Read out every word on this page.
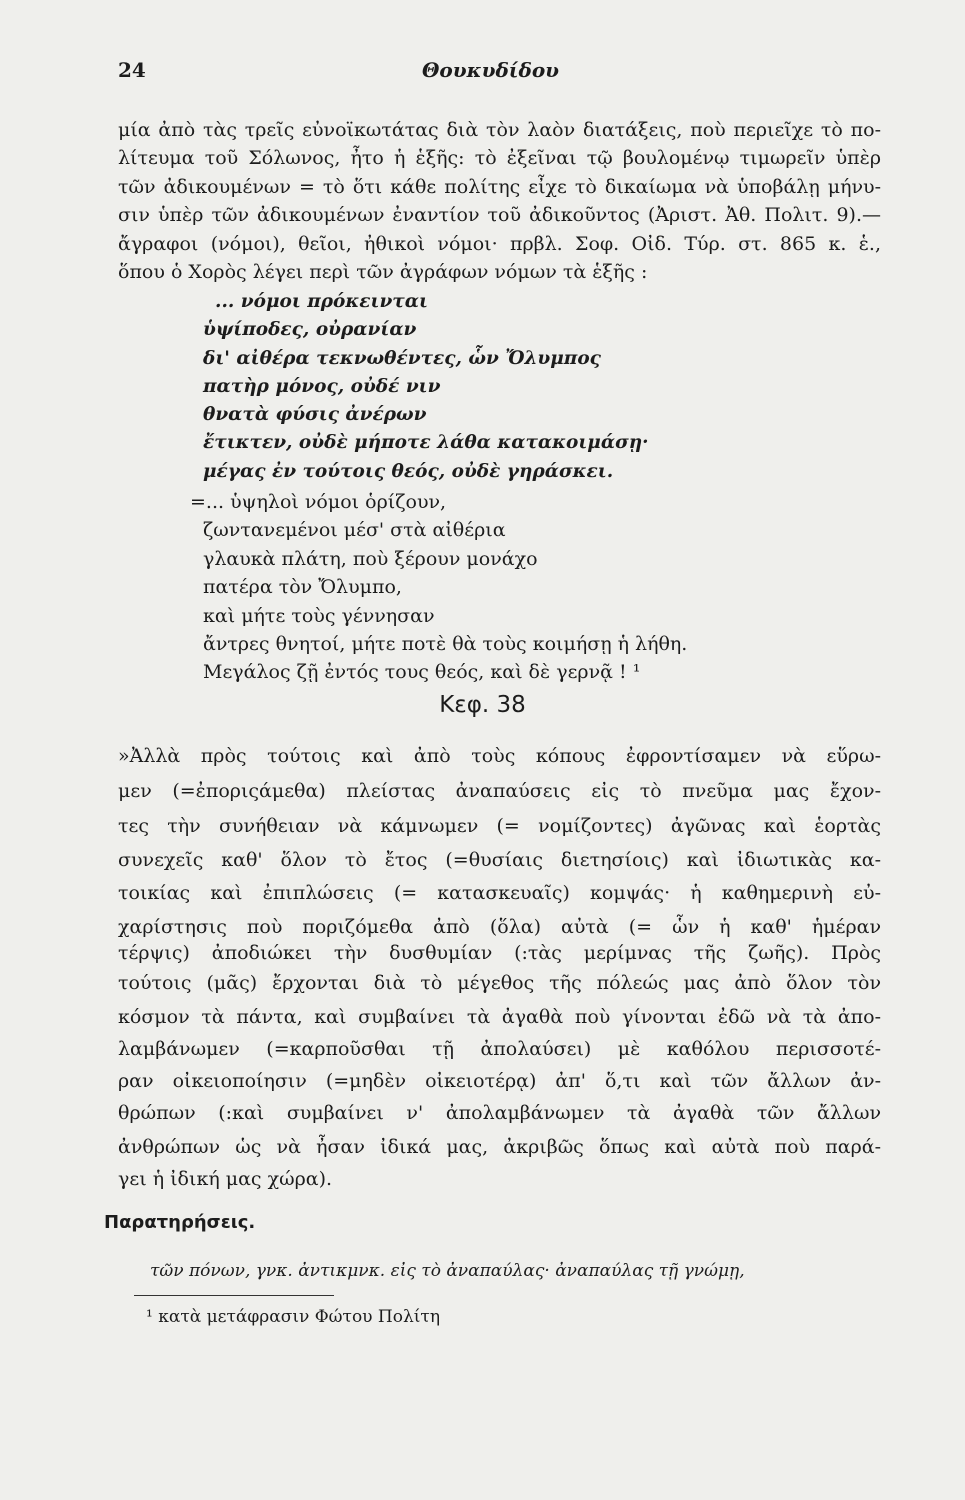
24	Θουκυδίδου
μία ἀπὸ τὰς τρεῖς εὐνοϊκωτάτας διὰ τὸν λαὸν διατάξεις, ποὺ περιεῖχε τὸ πο-
λίτευμα τοῦ Σόλωνος, ἦτο ἡ ἑξῆς: τὸ ἐξεῖναι τῷ βουλομένῳ τιμωρεῖν ὑπὲρ
τῶν ἀδικουμένων = τὸ ὅτι κάθε πολίτης εἶχε τὸ δικαίωμα νὰ ὑποβάλῃ μήνυ-
σιν ὑπὲρ τῶν ἀδικουμένων ἐναντίον τοῦ ἀδικοῦντος (Ἀριστ. Ἀθ. Πολιτ. 9).—
ἄγραφοι (νόμοι), θεῖοι, ἠθικοὶ νόμοι· πρβλ. Σοφ. Οἰδ. Τύρ. στ. 865 κ. ἑ.,
ὅπου ὁ Χορὸς λέγει περὶ τῶν ἀγράφων νόμων τὰ ἑξῆς :
... νόμοι πρόκεινται
ὑψίποδες, οὐρανίαν
δι' αἰθέρα τεκνωθέντες, ὧν Ὄλυμπος
πατὴρ μόνος, οὐδέ νιν
θνατὰ φύσις ἀνέρων
ἔτικτεν, οὐδὲ μήποτε λάθα κατακοιμάσῃ·
μέγας ἐν τούτοις θεός, οὐδὲ γηράσκει.
=... ὑψηλοὶ νόμοι ὁρίζουν,
ζωντανεμένοι μέσ' στὰ αἰθέρια
γλαυκὰ πλάτη, ποὺ ξέρουν μονάχο
πατέρα τὸν Ὄλυμπο,
καὶ μήτε τοὺς γέννησαν
ἄντρες θνητοί, μήτε ποτὲ θὰ τοὺς κοιμήσῃ ἡ λήθη.
Μεγάλος ζῇ ἐντός τους θεός, καὶ δὲ γερνᾷ ! ¹
Κεφ. 38
»Ἀλλὰ πρὸς τούτοις καὶ ἀπὸ τοὺς κόπους ἐφροντίσαμεν νὰ εὕρω-
μεν (=ἐποριςάμεθα) πλείστας ἀναπαύσεις εἰς τὸ πνεῦμα μας ἔχον-
τες τὴν συνήθειαν νὰ κάμνωμεν (= νομίζοντες) ἀγῶνας καὶ ἑορτὰς
συνεχεῖς καθ' ὅλον τὸ ἔτος (=θυσίαις διετησίοις) καὶ ἰδιωτικὰς κα-
τοικίας καὶ ἐπιπλώσεις (= κατασκευαῖς) κομψάς· ἡ καθημερινὴ εὐ-
χαρίστησις ποὺ πoριζόμεθα ἀπὸ (ὅλα) αὐτὰ (= ὧν ἡ καθ' ἡμέραν
τέρψις) ἀποδιώκει τὴν δυσθυμίαν (:τὰς μερίμνας τῆς ζωῆς). Πρὸς
τούτοις (μᾶς) ἔρχονται διὰ τὸ μέγεθος τῆς πόλεώς μας ἀπὸ ὅλον τὸν
κόσμον τὰ πάντα, καὶ συμβαίνει τὰ ἀγαθὰ ποὺ γίνονται ἐδῶ νὰ τὰ ἀπο-
λαμβάνωμεν (=καρποῦσθαι τῇ ἀπολαύσει) μὲ καθόλου περισσοτέ-
ραν οἰκειοποίησιν (=μηδὲν οἰκειοτέρᾳ) ἀπ' ὅ,τι καὶ τῶν ἄλλων ἀν-
θρώπων (:καὶ συμβαίνει ν' ἀπολαμβάνωμεν τὰ ἀγαθὰ τῶν ἄλλων
ἀνθρώπων ὡς νὰ ἦσαν ἰδικά μας, ἀκριβῶς ὅπως καὶ αὐτὰ ποὺ παρά-
γει ἡ ἰδική μας χώρα).
Παρατηρήσεις.
τῶν πόνων, γνκ. ἀντικμνκ. εἰς τὸ ἀναπαύλας· ἀναπαύλας τῇ γνώμῃ,
¹ κατὰ μετάφρασιν Φώτου Πολίτη
